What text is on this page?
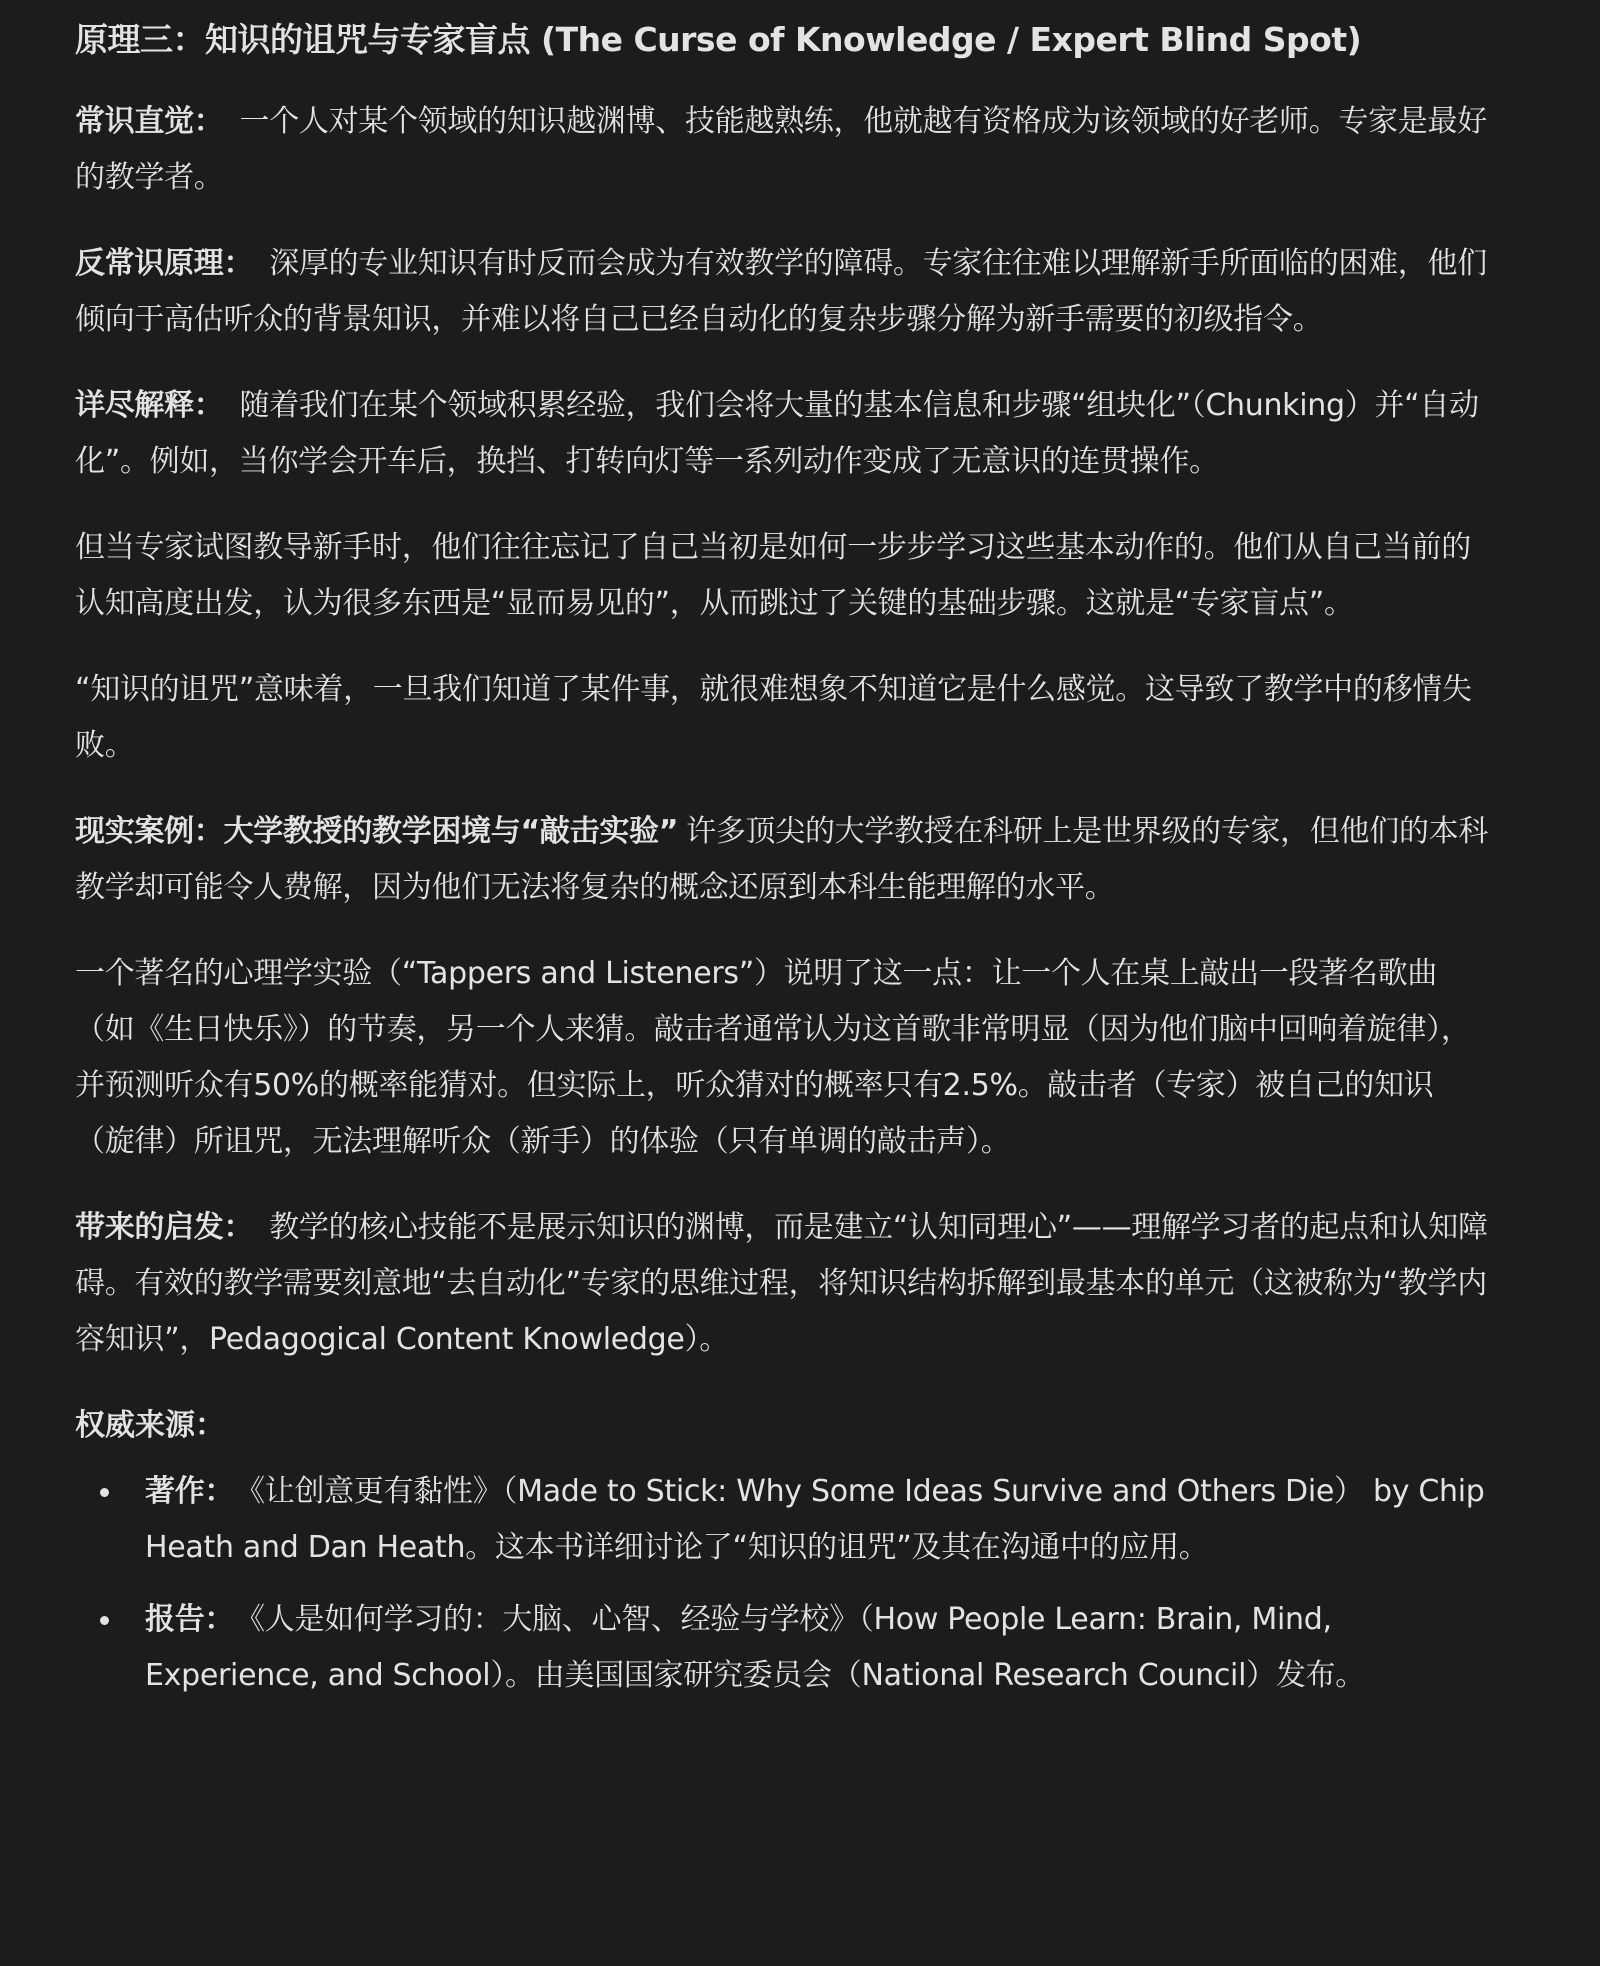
原理三：知识的诅咒与专家盲点 (The Curse of Knowledge / Expert Blind Spot)

常识直觉： 一个人对某个领域的知识越渊博、技能越熟练，他就越有资格成为该领域的好老师。专家是最好的教学者。

反常识原理： 深厚的专业知识有时反而会成为有效教学的障碍。专家往往难以理解新手所面临的困难，他们倾向于高估听众的背景知识，并难以将自己已经自动化的复杂步骤分解为新手需要的初级指令。

详尽解释： 随着我们在某个领域积累经验，我们会将大量的基本信息和步骤“组块化”（Chunking）并“自动化”。例如，当你学会开车后，换挡、打转向灯等一系列动作变成了无意识的连贯操作。

但当专家试图教导新手时，他们往往忘记了自己当初是如何一步步学习这些基本动作的。他们从自己当前的认知高度出发，认为很多东西是“显而易见的”，从而跳过了关键的基础步骤。这就是“专家盲点”。

“知识的诅咒”意味着，一旦我们知道了某件事，就很难想象不知道它是什么感觉。这导致了教学中的移情失败。

现实案例：大学教授的教学困境与“敲击实验” 许多顶尖的大学教授在科研上是世界级的专家，但他们的本科教学却可能令人费解，因为他们无法将复杂的概念还原到本科生能理解的水平。

一个著名的心理学实验（“Tappers and Listeners”）说明了这一点：让一个人在桌上敲出一段著名歌曲（如《生日快乐》）的节奏，另一个人来猜。敲击者通常认为这首歌非常明显（因为他们脑中回响着旋律），并预测听众有50%的概率能猜对。但实际上，听众猜对的概率只有2.5%。敲击者（专家）被自己的知识（旋律）所诅咒，无法理解听众（新手）的体验（只有单调的敲击声）。

带来的启发： 教学的核心技能不是展示知识的渊博，而是建立“认知同理心”——理解学习者的起点和认知障碍。有效的教学需要刻意地“去自动化”专家的思维过程，将知识结构拆解到最基本的单元（这被称为“教学内容知识”，Pedagogical Content Knowledge）。

权威来源：
著作： 《让创意更有黏性》（Made to Stick: Why Some Ideas Survive and Others Die） by Chip Heath and Dan Heath。这本书详细讨论了“知识的诅咒”及其在沟通中的应用。
报告： 《人是如何学习的：大脑、心智、经验与学校》（How People Learn: Brain, Mind, Experience, and School）。由美国国家研究委员会（National Research Council）发布。
